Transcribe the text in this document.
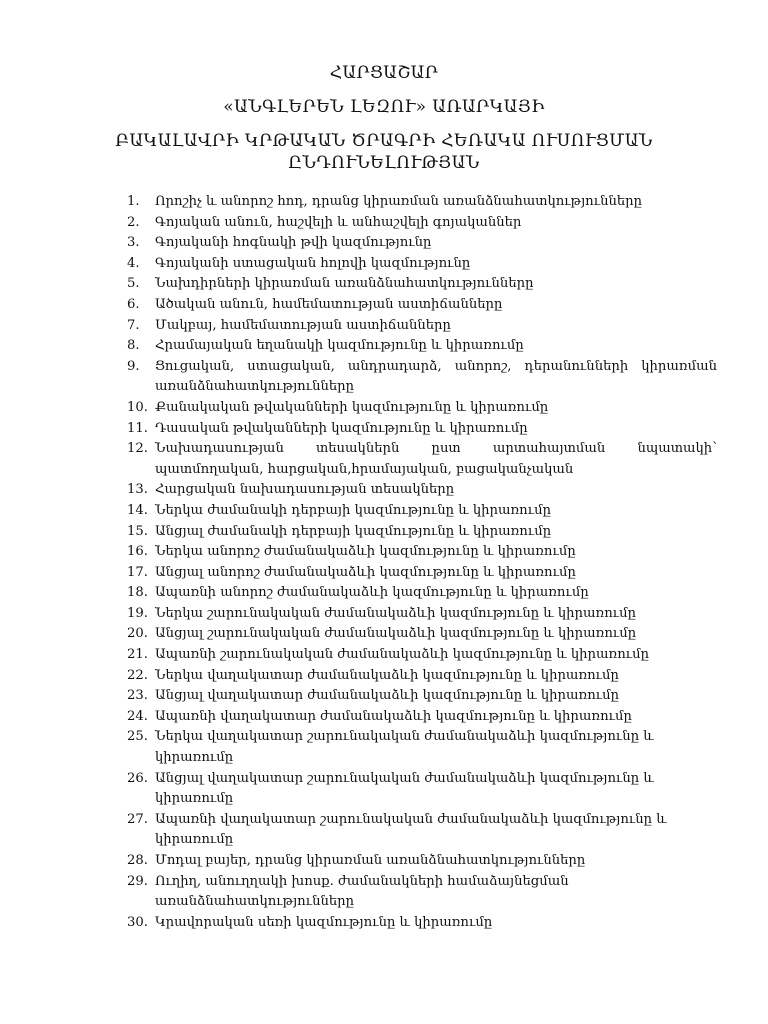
ՀԱՐՑԱՇԱՐ
«ԱՆԳԼԵՐԵՆ ԼԵԶՈՒ» ԱՌԱՐԿԱՅԻ
ԲԱԿԱԼԱՎՐԻ ԿՐԹԱԿԱՆ ԾՐԱԳՐԻ ՀԵՌԱԿԱ ՈՒՍՈՒՑՄԱՆ
ԸՆԴՈՒՆԵԼՈՒԹՅԱՆ
1. Որոշիչ և անորոշ հոդ, դրանց կիրառման առանձնահատկությունները
2. Գոյական անուն, հաշվելի և անհաշվելի գոյականներ
3. Գոյականի հոգնակի թվի կազմությունը
4. Գոյականի ստացական հոլովի կազմությունը
5. Նախդիրների կիրառման առանձնահատկությունները
6. Ածական անուն, համեմատության աստիճանները
7. Մակբայ, համեմատության աստիճանները
8. Հրամայական եղանակի կազմությունը և կիրառումը
9. Ցուցական, ստացական, անդրադարձ, անորոշ, դերանունների կիրառման առանձնահատկությունները
10. Քանակական թվականների կազմությունը և կիրառումը
11. Դասական թվականների կազմությունը և կիրառումը
12. Նախադասության տեսակներն ըստ արտահայտման նպատակի՝ պատմողական, հարցական,հրամայական, բացականչական
13. Հարցական նախադասության տեսակները
14. Ներկա ժամանակի դերբայի կազմությունը և կիրառումը
15. Անցյալ ժամանակի դերբայի կազմությունը և կիրառումը
16. Ներկա անորոշ ժամանակաձևի կազմությունը և կիրառումը
17. Անցյալ անորոշ ժամանակաձևի կազմությունը և կիրառումը
18. Ապառնի անորոշ ժամանակաձևի կազմությունը և կիրառումը
19. Ներկա շարունակական ժամանակաձևի կազմությունը և կիրառումը
20. Անցյալ շարունակական ժամանակաձևի կազմությունը և կիրառումը
21. Ապառնի շարունակական ժամանակաձևի կազմությունը և կիրառումը
22. Ներկա վաղակատար ժամանակաձևի կազմությունը և կիրառումը
23. Անցյալ վաղակատար ժամանակաձևի կազմությունը և կիրառումը
24. Ապառնի վաղակատար ժամանակաձևի կազմությունը և կիրառումը
25. Ներկա վաղակատար շարունակական ժամանակաձևի կազմությունը և կիրառումը
26. Անցյալ վաղակատար շարունակական ժամանակաձևի կազմությունը և կիրառումը
27. Ապառնի վաղակատար շարունակական ժամանակաձևի կազմությունը և կիրառումը
28. Մոդալ բայեր, դրանց կիրառման առանձնահատկությունները
29. Ուղիղ, անուղղակի խոսք. ժամանակների համաձայնեցման առանձնահատկությունները
30. Կրավորական սեռի կազմությունը և կիրառումը
